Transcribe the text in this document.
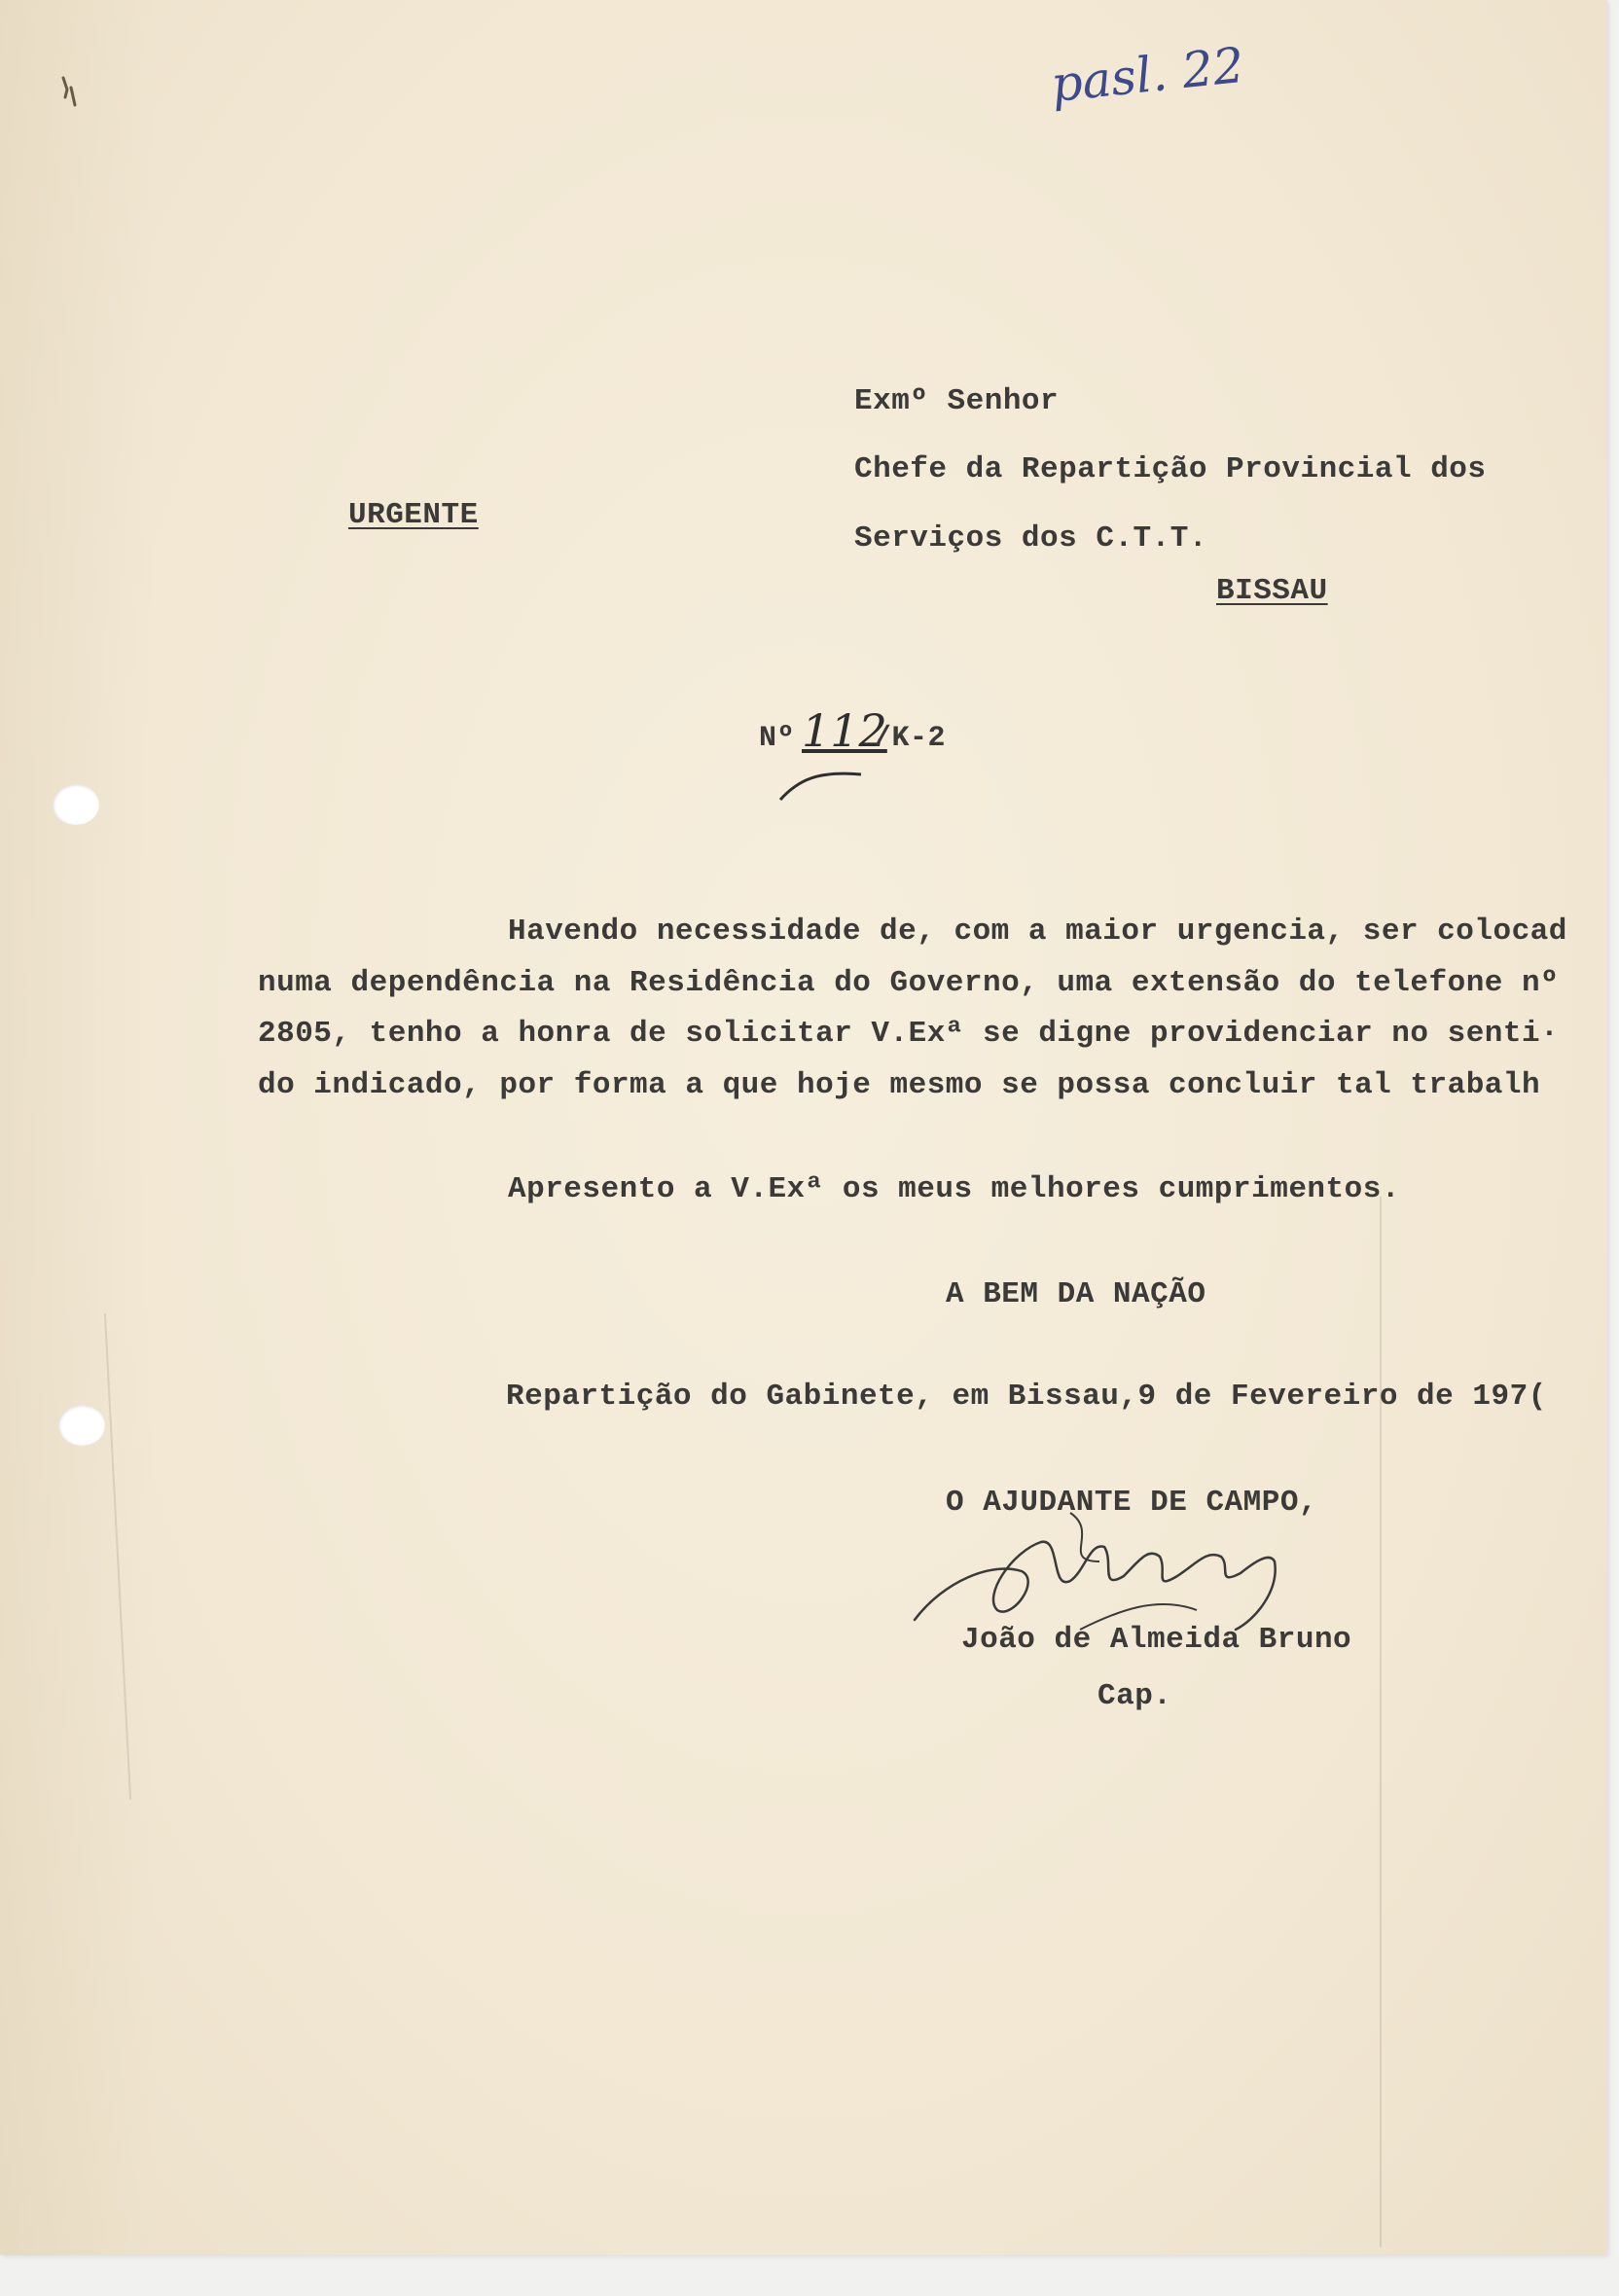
pasl. 22
Exmº Senhor
Chefe da Repartição Provincial dos
Serviços dos C.T.T.
BISSAU
URGENTE
Nº 112
/K-2
Havendo necessidade de, com a maior urgencia, ser colocad
numa dependência na Residência do Governo, uma extensão do telefone nº
2805, tenho a honra de solicitar V.Exª se digne providenciar no senti·
do indicado, por forma a que hoje mesmo se possa concluir tal trabalh
Apresento a V.Exª os meus melhores cumprimentos.
A BEM DA NAÇÃO
Repartição do Gabinete, em Bissau,9 de Fevereiro de 197(
O AJUDANTE DE CAMPO,
João de Almeida Bruno
Cap.
